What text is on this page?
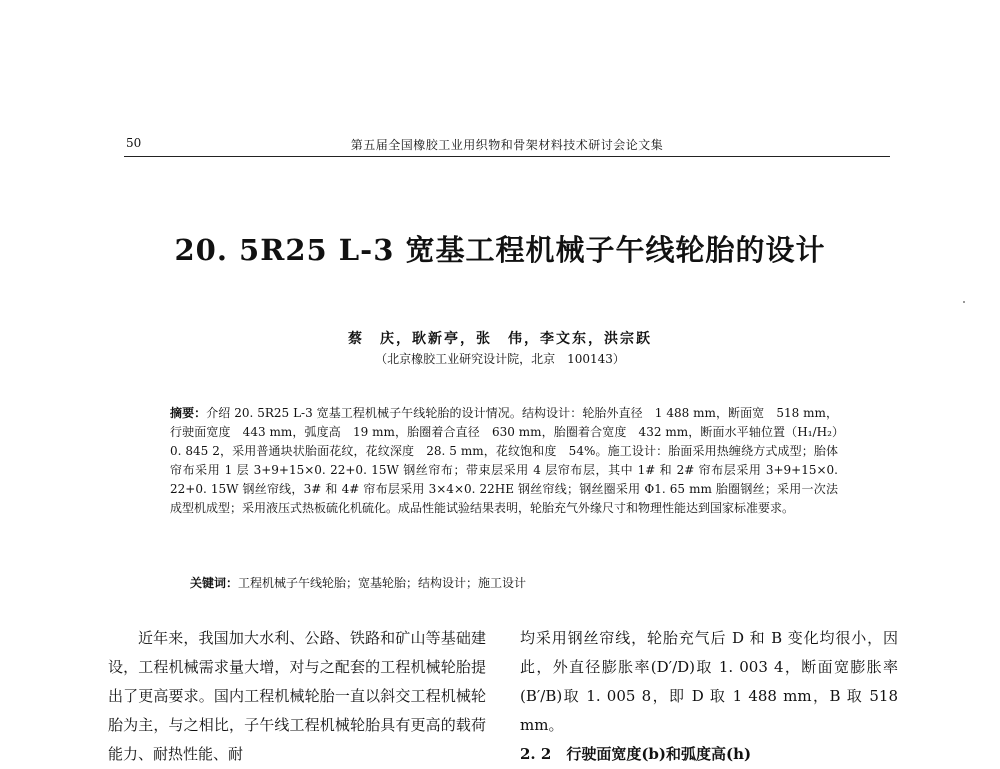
50	第五届全国橡胶工业用织物和骨架材料技术研讨会论文集
20. 5R25 L-3 宽基工程机械子午线轮胎的设计
蔡　庆，耿新亭，张　伟，李文东，洪宗跃
（北京橡胶工业研究设计院，北京　100143）
摘要：介绍 20. 5R25 L-3 宽基工程机械子午线轮胎的设计情况。结构设计：轮胎外直径　1 488 mm，断面宽　518 mm，行驶面宽度　443 mm，弧度高　19 mm，胎圈着合直径　630 mm，胎圈着合宽度　432 mm，断面水平轴位置（H₁/H₂）　0. 845 2，采用普通块状胎面花纹，花纹深度　28. 5 mm，花纹饱和度　54%。施工设计：胎面采用热缠绕方式成型；胎体帘布采用 1 层 3+9+15×0. 22+0. 15W 钢丝帘布；带束层采用 4 层帘布层，其中 1# 和 2# 帘布层采用 3+9+15×0. 22+0. 15W 钢丝帘线，3# 和 4# 帘布层采用 3×4×0. 22HE 钢丝帘线；钢丝圈采用 Φ1. 65 mm 胎圈钢丝；采用一次法成型机成型；采用液压式热板硫化机硫化。成品性能试验结果表明，轮胎充气外缘尺寸和物理性能达到国家标准要求。
关键词：工程机械子午线轮胎；宽基轮胎；结构设计；施工设计

近年来，我国加大水利、公路、铁路和矿山等基础建设，工程机械需求量大增，对与之配套的工程机械轮胎提出了更高要求。国内工程机械轮胎一直以斜交工程机械轮胎为主，与之相比，子午线工程机械轮胎具有更高的载荷能力、耐热性能、耐

均采用钢丝帘线，轮胎充气后 D 和 B 变化均很小，因此，外直径膨胀率(D′/D)取 1. 003 4，断面宽膨胀率(B′/B)取 1. 005 8，即 D 取 1 488 mm，B 取 518 mm。

2. 2　行驶面宽度(b)和弧度高(h)
